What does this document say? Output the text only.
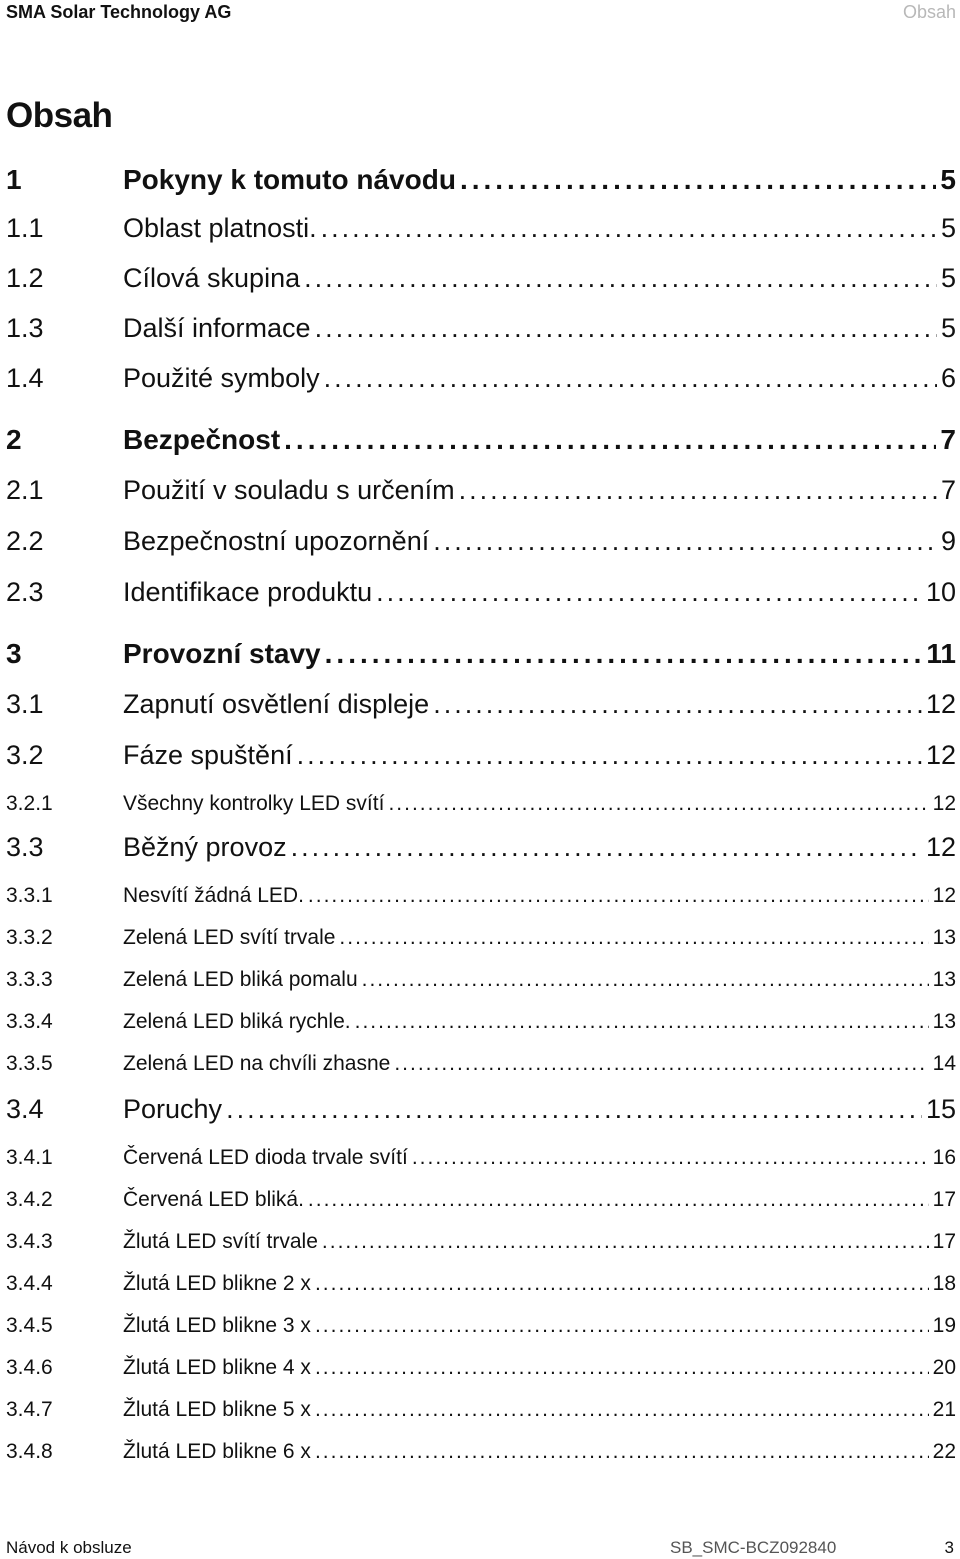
SMA Solar Technology AG	Obsah
Obsah
1	Pokyny k tomuto návodu .....	5
1.1	Oblast platnosti. .....	5
1.2	Cílová skupina .....	5
1.3	Další informace .....	5
1.4	Použité symboly .....	6
2	Bezpečnost .....	7
2.1	Použití v souladu s určením .....	7
2.2	Bezpečnostní upozornění .....	9
2.3	Identifikace produktu .....	10
3	Provozní stavy .....	11
3.1	Zapnutí osvětlení displeje .....	12
3.2	Fáze spuštění .....	12
3.2.1	Všechny kontrolky LED svítí .....	12
3.3	Běžný provoz .....	12
3.3.1	Nesvítí žádná LED. .....	12
3.3.2	Zelená LED svítí trvale .....	13
3.3.3	Zelená LED bliká pomalu .....	13
3.3.4	Zelená LED bliká rychle. .....	13
3.3.5	Zelená LED na chvíli zhasne .....	14
3.4	Poruchy .....	15
3.4.1	Červená LED dioda trvale svítí .....	16
3.4.2	Červená LED bliká. .....	17
3.4.3	Žlutá LED svítí trvale .....	17
3.4.4	Žlutá LED blikne 2 x .....	18
3.4.5	Žlutá LED blikne 3 x .....	19
3.4.6	Žlutá LED blikne 4 x .....	20
3.4.7	Žlutá LED blikne 5 x .....	21
3.4.8	Žlutá LED blikne 6 x .....	22
Návod k obsluze	SB_SMC-BCZ092840	3
